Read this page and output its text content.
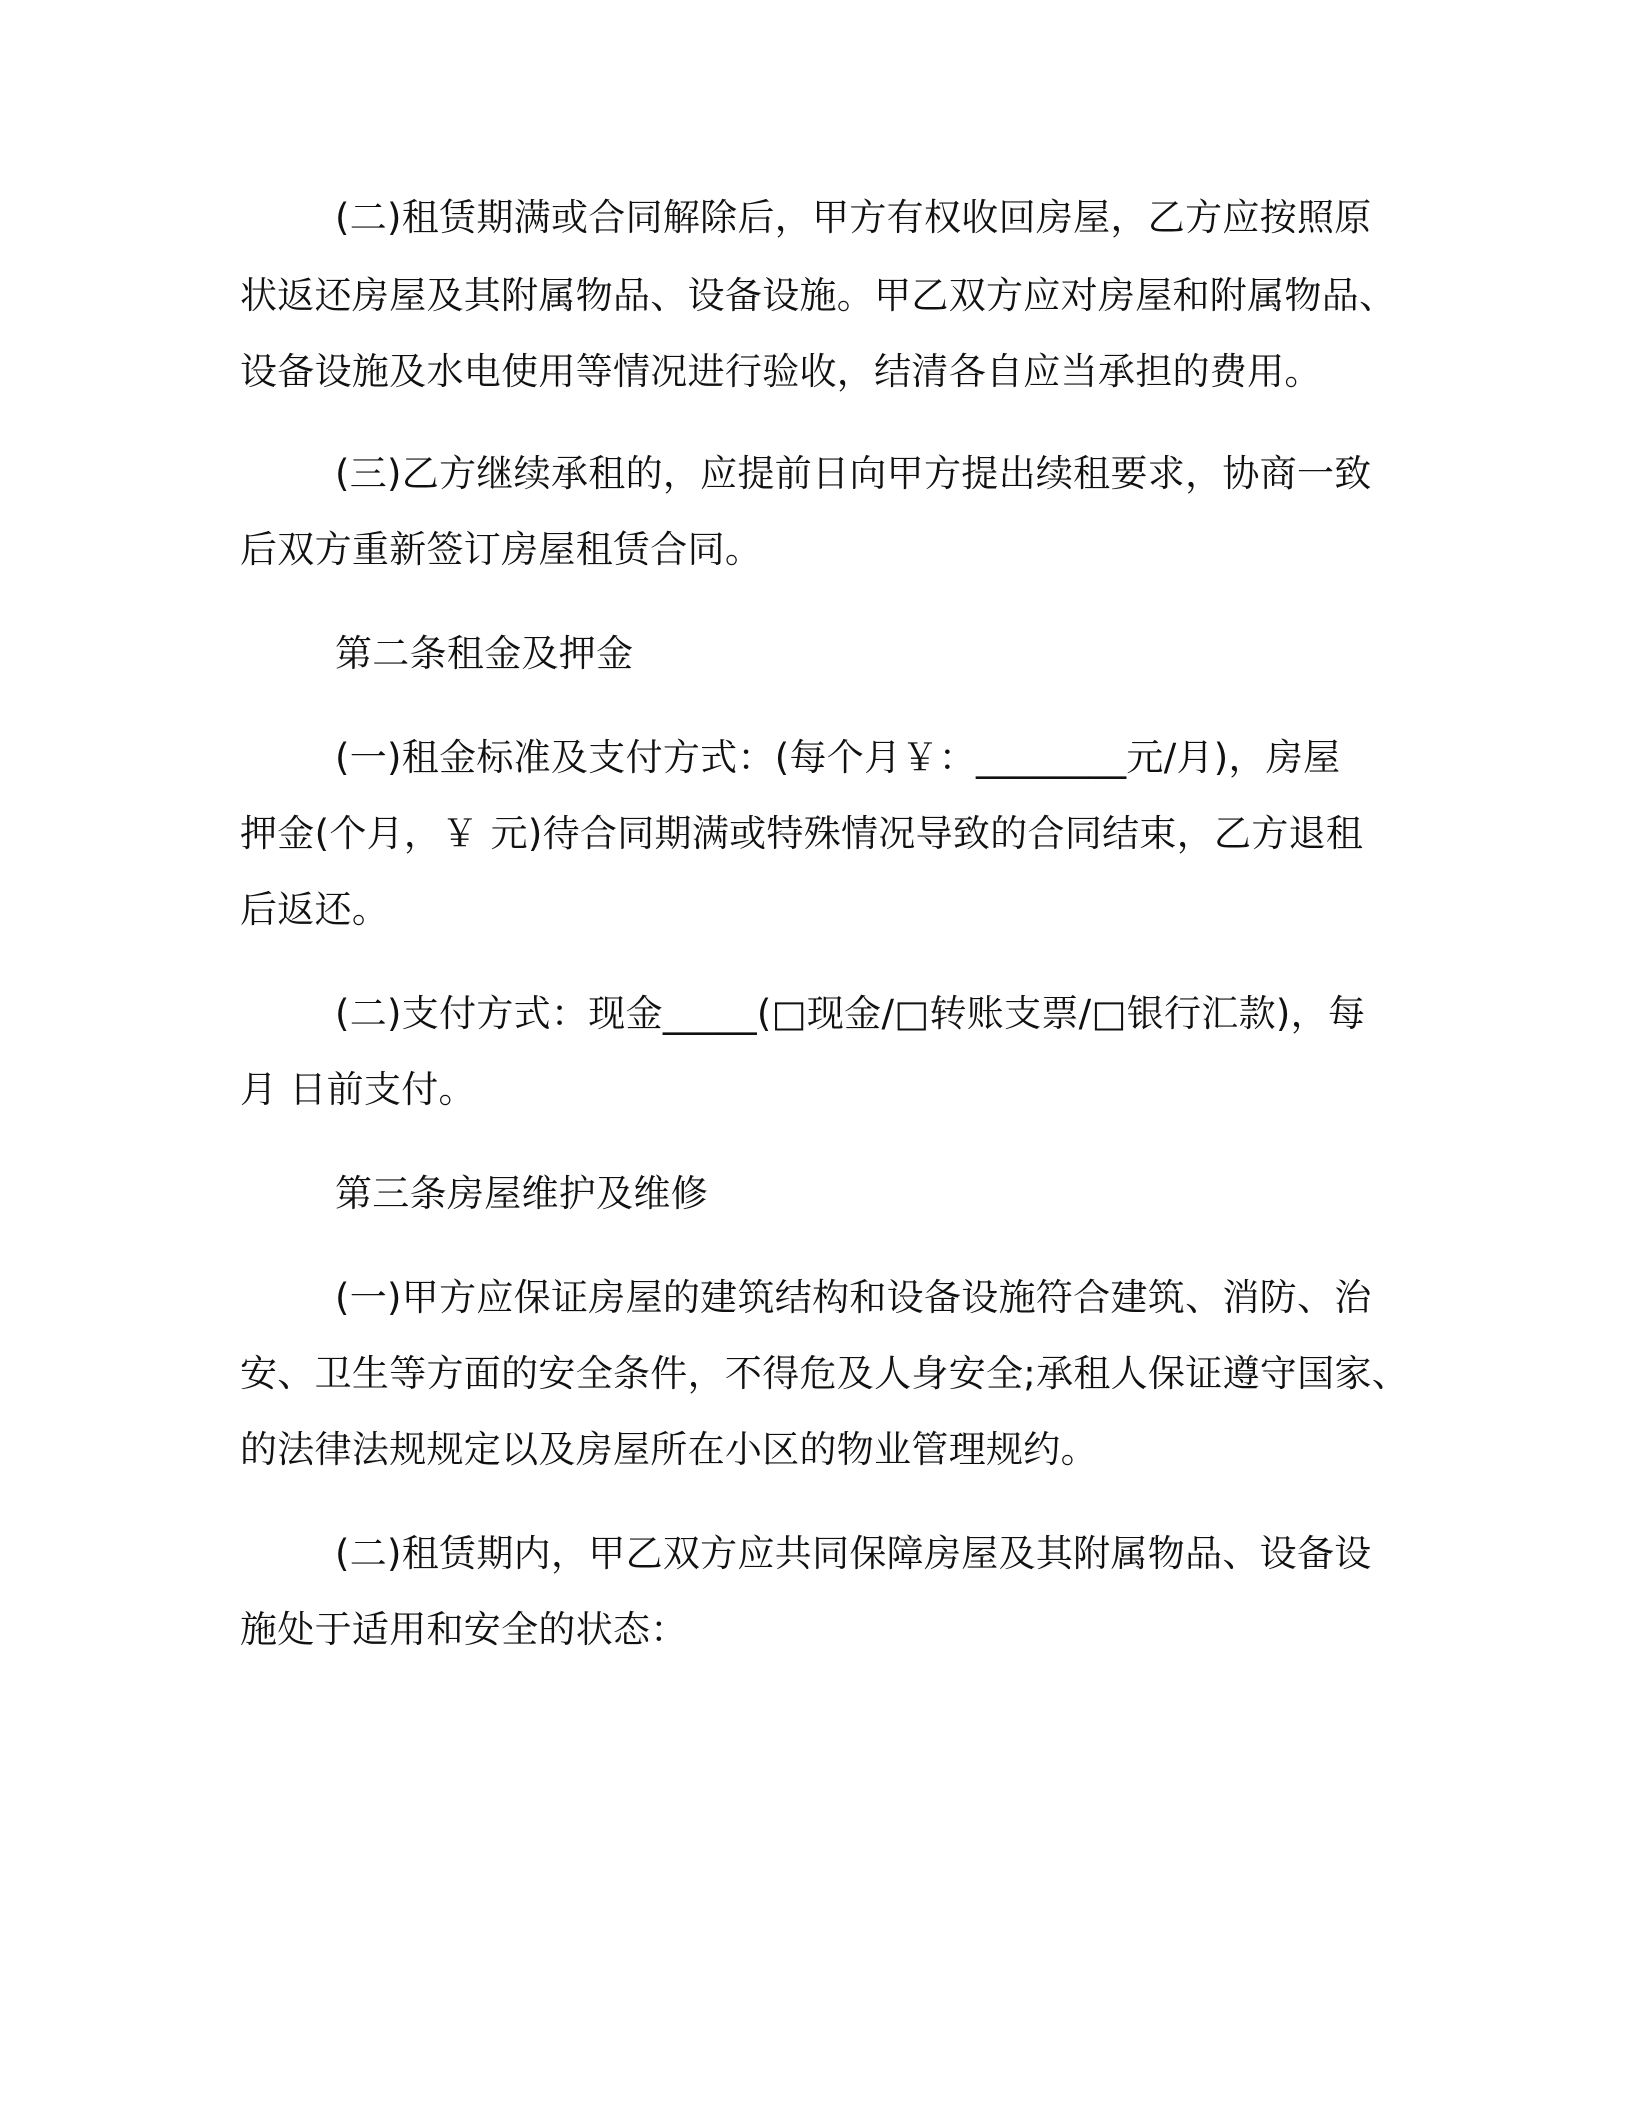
(二)租赁期满或合同解除后，甲方有权收回房屋，乙方应按照原
状返还房屋及其附属物品、设备设施。甲乙双方应对房屋和附属物品、
设备设施及水电使用等情况进行验收，结清各自应当承担的费用。
(三)乙方继续承租的，应提前日向甲方提出续租要求，协商一致
后双方重新签订房屋租赁合同。
第二条租金及押金
(一)租金标准及支付方式：(每个月￥：________元/月)，房屋
押金(个月，￥ 元)待合同期满或特殊情况导致的合同结束，乙方退租
后返还。
(二)支付方式：现金_____(□现金/□转账支票/□银行汇款)，每
月 日前支付。
第三条房屋维护及维修
(一)甲方应保证房屋的建筑结构和设备设施符合建筑、消防、治
安、卫生等方面的安全条件，不得危及人身安全;承租人保证遵守国家、
的法律法规规定以及房屋所在小区的物业管理规约。
(二)租赁期内，甲乙双方应共同保障房屋及其附属物品、设备设
施处于适用和安全的状态：
